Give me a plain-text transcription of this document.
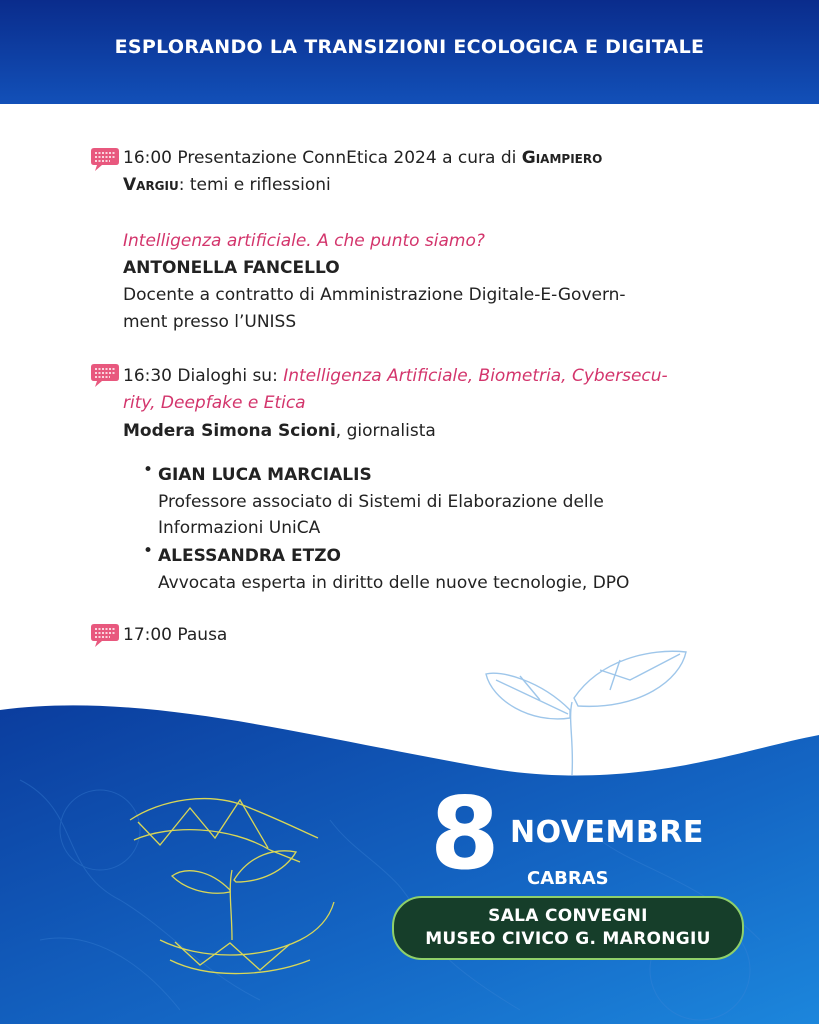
ESPLORANDO LA TRANSIZIONI ECOLOGICA E DIGITALE
16:00 Presentazione ConnEtica 2024 a cura di Giampiero
Vargiu: temi e riflessioni
Intelligenza artificiale. A che punto siamo?
ANTONELLA FANCELLO
Docente a contratto di Amministrazione Digitale-E-Govern-
ment presso l’UNISS
16:30 Dialoghi su: Intelligenza Artificiale, Biometria, Cybersecu-
rity, Deepfake e Etica
Modera Simona Scioni, giornalista
• GIAN LUCA MARCIALIS
Professore associato di Sistemi di Elaborazione delle
Informazioni UniCA
• ALESSANDRA ETZO
Avvocata esperta in diritto delle nuove tecnologie, DPO
17:00 Pausa
8 NOVEMBRE
CABRAS
SALA CONVEGNI
MUSEO CIVICO G. MARONGIU
